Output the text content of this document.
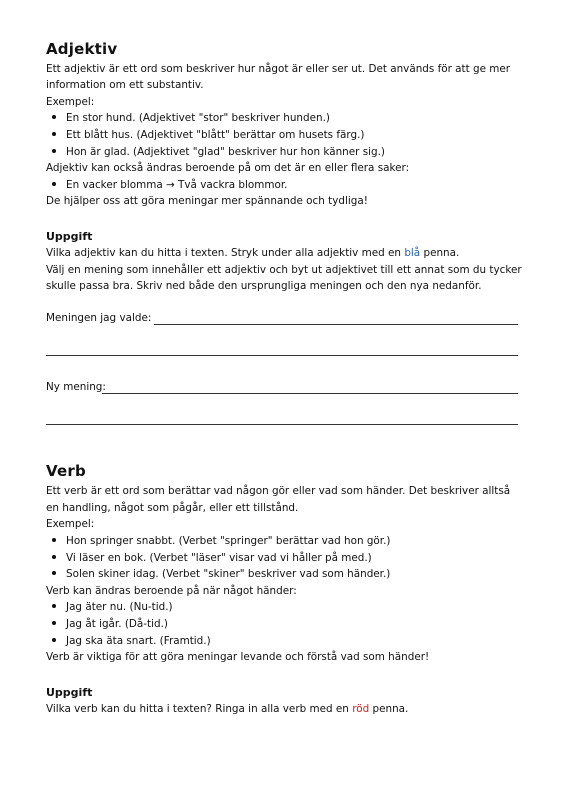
Adjektiv
Ett adjektiv är ett ord som beskriver hur något är eller ser ut. Det används för att ge mer
information om ett substantiv.
Exempel:
En stor hund. (Adjektivet "stor" beskriver hunden.)
Ett blått hus. (Adjektivet "blått" berättar om husets färg.)
Hon är glad. (Adjektivet "glad" beskriver hur hon känner sig.)
Adjektiv kan också ändras beroende på om det är en eller flera saker:
En vacker blomma → Två vackra blommor.
De hjälper oss att göra meningar mer spännande och tydliga!
Uppgift
Vilka adjektiv kan du hitta i texten. Stryk under alla adjektiv med en blå penna.
Välj en mening som innehåller ett adjektiv och byt ut adjektivet till ett annat som du tycker
skulle passa bra. Skriv ned både den ursprungliga meningen och den nya nedanför.
Meningen jag valde:
Ny mening:
Verb
Ett verb är ett ord som berättar vad någon gör eller vad som händer. Det beskriver alltså
en handling, något som pågår, eller ett tillstånd.
Exempel:
Hon springer snabbt. (Verbet "springer" berättar vad hon gör.)
Vi läser en bok. (Verbet "läser" visar vad vi håller på med.)
Solen skiner idag. (Verbet "skiner" beskriver vad som händer.)
Verb kan ändras beroende på när något händer:
Jag äter nu. (Nu-tid.)
Jag åt igår. (Då-tid.)
Jag ska äta snart. (Framtid.)
Verb är viktiga för att göra meningar levande och förstå vad som händer!
Uppgift
Vilka verb kan du hitta i texten? Ringa in alla verb med en röd penna.
